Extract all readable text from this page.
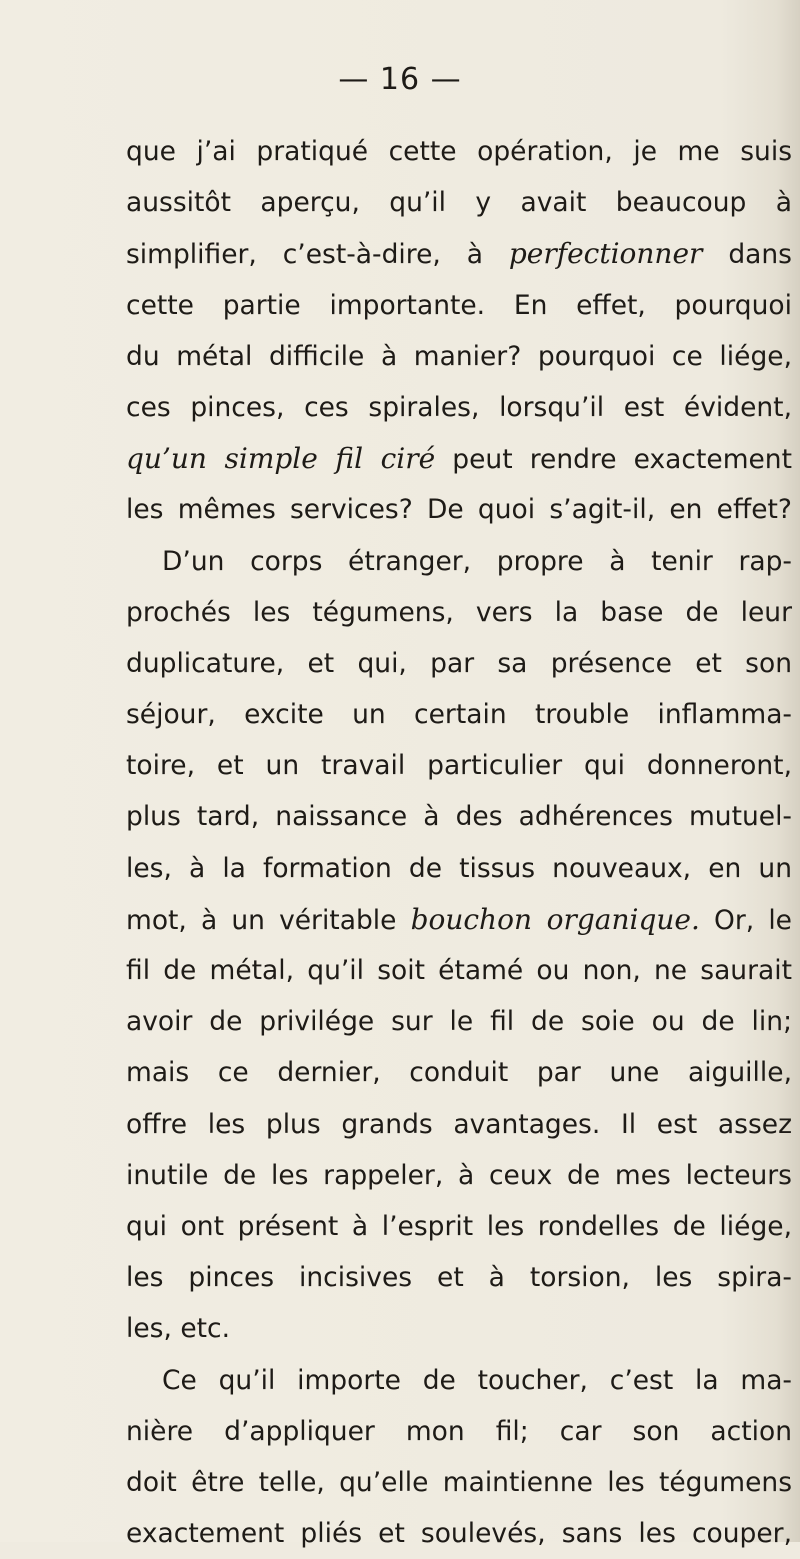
— 16 —
que j’ai pratiqué cette opération, je me suis
aussitôt aperçu, qu’il y avait beaucoup à
simplifier, c’est-à-dire, à perfectionner dans
cette partie importante. En effet, pourquoi
du métal difficile à manier? pourquoi ce liége,
ces pinces, ces spirales, lorsqu’il est évident,
qu’un simple fil ciré peut rendre exactement
les mêmes services? De quoi s’agit-il, en effet?
D’un corps étranger, propre à tenir rap-
prochés les tégumens, vers la base de leur
duplicature, et qui, par sa présence et son
séjour, excite un certain trouble inflamma-
toire, et un travail particulier qui donneront,
plus tard, naissance à des adhérences mutuel-
les, à la formation de tissus nouveaux, en un
mot, à un véritable bouchon organique. Or, le
fil de métal, qu’il soit étamé ou non, ne saurait
avoir de privilége sur le fil de soie ou de lin;
mais ce dernier, conduit par une aiguille,
offre les plus grands avantages. Il est assez
inutile de les rappeler, à ceux de mes lecteurs
qui ont présent à l’esprit les rondelles de liége,
les pinces incisives et à torsion, les spira-
les, etc.
Ce qu’il importe de toucher, c’est la ma-
nière d’appliquer mon fil; car son action
doit être telle, qu’elle maintienne les tégumens
exactement pliés et soulevés, sans les couper,
